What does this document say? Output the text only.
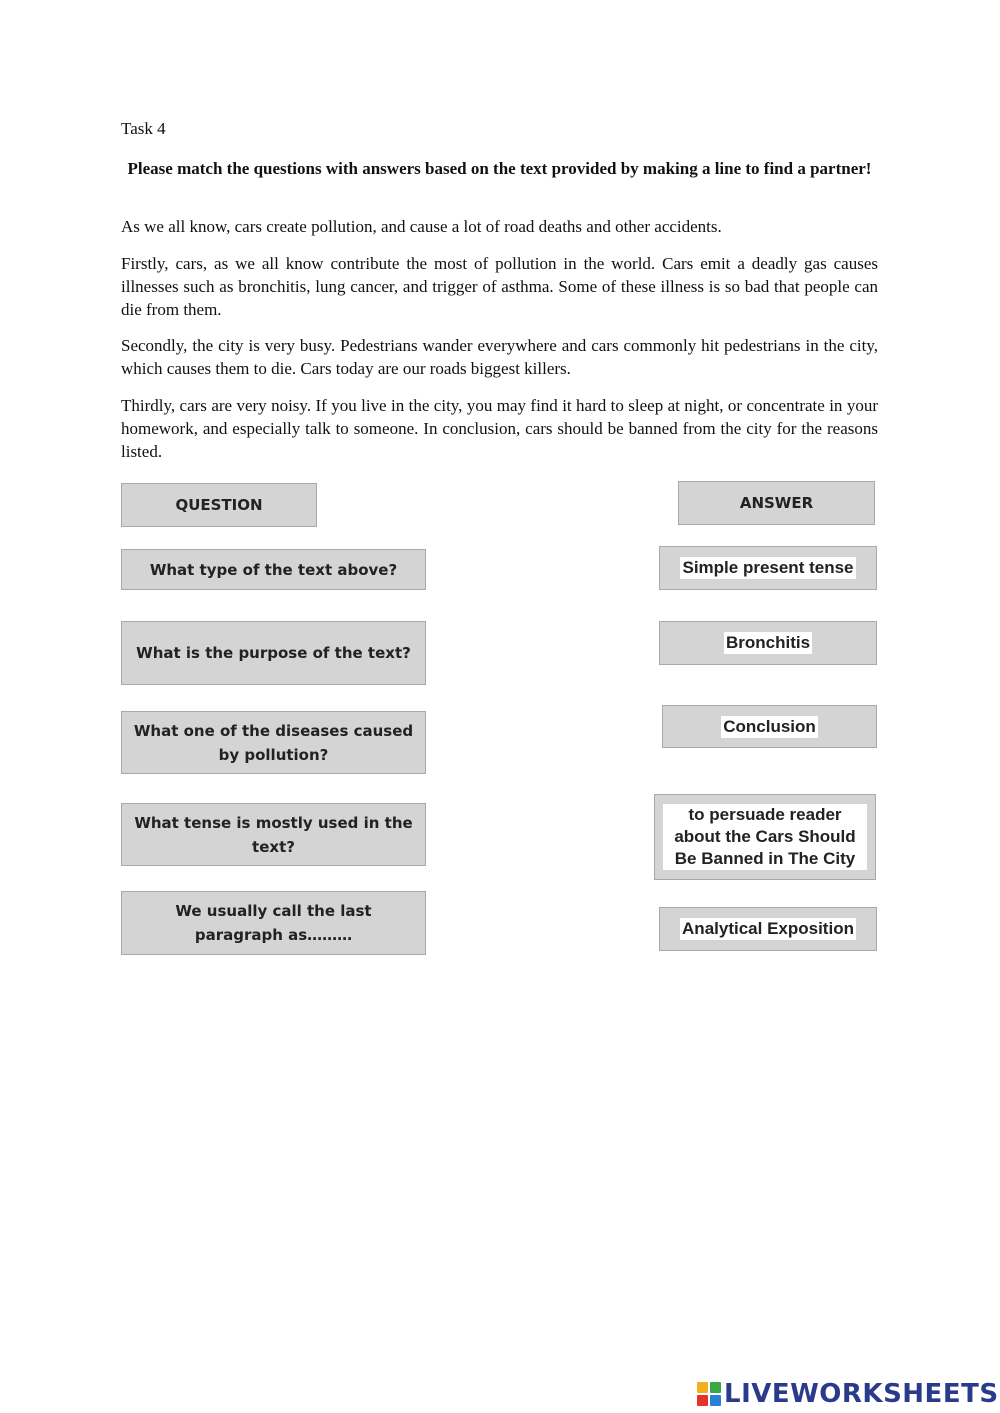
Task 4
Please match the questions with answers based on the text provided by making a line to find a partner!

As we all know, cars create pollution, and cause a lot of road deaths and other accidents.

Firstly, cars, as we all know contribute the most of pollution in the world. Cars emit a deadly gas causes illnesses such as bronchitis, lung cancer, and trigger of asthma. Some of these illness is so bad that people can die from them.

Secondly, the city is very busy. Pedestrians wander everywhere and cars commonly hit pedestrians in the city, which causes them to die. Cars today are our roads biggest killers.

Thirdly, cars are very noisy. If you live in the city, you may find it hard to sleep at night, or concentrate in your homework, and especially talk to someone. In conclusion, cars should be banned from the city for the reasons listed.

QUESTION	ANSWER
What type of the text above?
What is the purpose of the text?
What one of the diseases caused by pollution?
What tense is mostly used in the text?
We usually call the last paragraph as………
Simple present tense
Bronchitis
Conclusion
to persuade reader about the Cars Should Be Banned in The City
Analytical Exposition
LIVEWORKSHEETS
